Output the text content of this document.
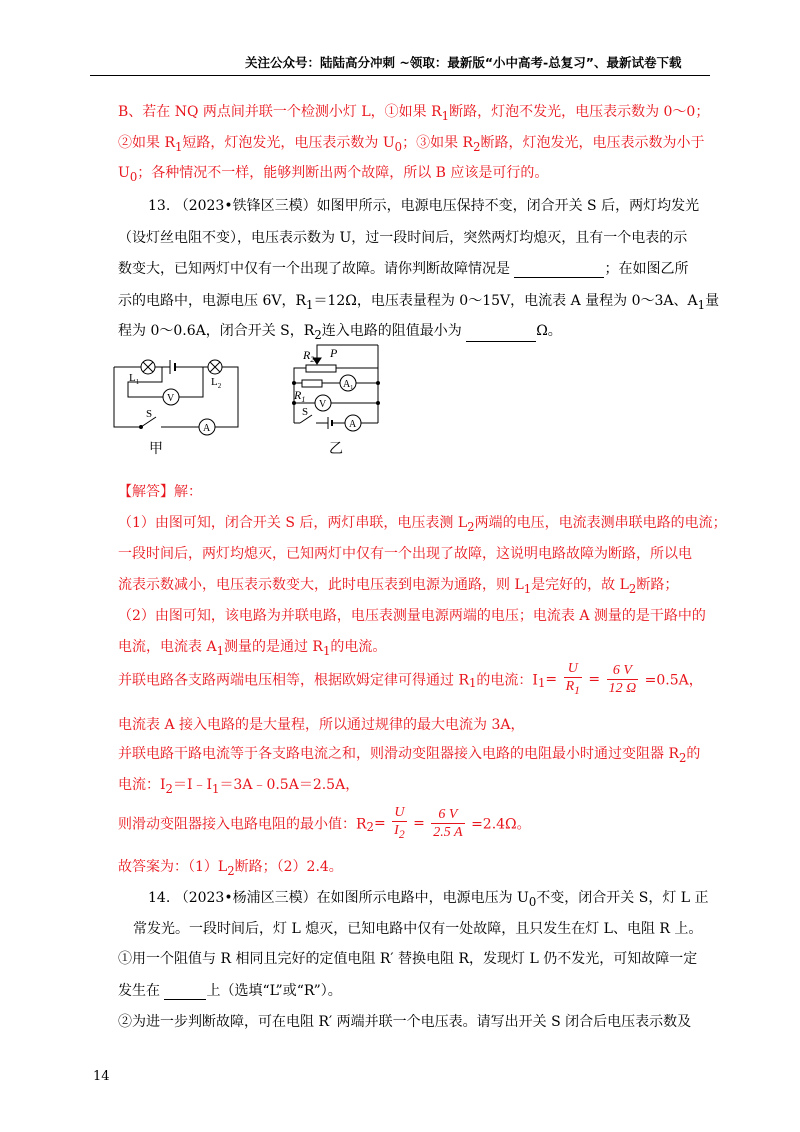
关注公众号：陆陆高分冲刺 ~领取：最新版“小中高考-总复习”、最新试卷下载
B、若在 NQ 两点间并联一个检测小灯 L，①如果 $R_1$断路，灯泡不发光，电压表示数为 0～0；
②如果 $R_1$短路，灯泡发光，电压表示数为 $U_0$；③如果 $R_2$断路，灯泡发光，电压表示数为小于
$U_0$；各种情况不一样，能够判断出两个故障，所以 B 应该是可行的。
13. （2023•铁锋区三模）如图甲所示，电源电压保持不变，闭合开关 S 后，两灯均发光
（设灯丝电阻不变），电压表示数为 U，过一段时间后，突然两灯均熄灭，且有一个电表的示
数变大，已知两灯中仅有一个出现了故障。请你判断故障情况是	；在如图乙所
示的电路中，电源电压 6V，$R_1=12\Omega$，电压表量程为 0～15V，电流表 A 量程为 0～3A、$A_1$量
程为 0～0.6A，闭合开关 S，$R_2$连入电路的阻值最小为	Ω。
$L_1$	$L_2$
V
S
A
甲
$R_2$ P
$R_1$
$A_1$
V
A
S
乙
【解答】解：
（1）由图可知，闭合开关 S 后，两灯串联，电压表测 $L_2$两端的电压，电流表测串联电路的电流；
一段时间后，两灯均熄灭，已知两灯中仅有一个出现了故障，这说明电路故障为断路，所以电
流表示数减小，电压表示数变大，此时电压表到电源为通路，则 $L_1$是完好的，故 $L_2$断路；
（2）由图可知，该电路为并联电路，电压表测量电源两端的电压；电流表 A 测量的是干路中的
电流，电流表 $A_1$测量的是通过 $R_1$的电流。
并联电路各支路两端电压相等，根据欧姆定律可得通过 $R_1$的电流：$I_1= \frac{U}{R_1} = \frac{6 V}{12 \Omega} =0.5A$，
电流表 A 接入电路的是大量程，所以通过规律的最大电流为 3A，
并联电路干路电流等于各支路电流之和，则滑动变阻器接入电路的电阻最小时通过变阻器 $R_2$的
电流：$I_2=I﹣I_1=3A﹣0.5A=2.5A$，
则滑动变阻器接入电路电阻的最小值：$R_2= \frac{U}{I_2} = \frac{6 V}{2.5 A} =2.4\Omega$。
故答案为：$(1)L_2$断路；（2）2.4。
14. （2023•杨浦区三模）在如图所示电路中，电源电压为 $U_0$不变，闭合开关 S，灯 L 正
常发光。一段时间后，灯 L 熄灭，已知电路中仅有一处故障，且只发生在灯 L、电阻 R 上。
①用一个阻值与 R 相同且完好的定值电阻 R′ 替换电阻 R，发现灯 L 仍不发光，可知故障一定
发生在	上（选填“L”或“R”）。
②为进一步判断故障，可在电阻 R′ 两端并联一个电压表。请写出开关 S 闭合后电压表示数及
14
